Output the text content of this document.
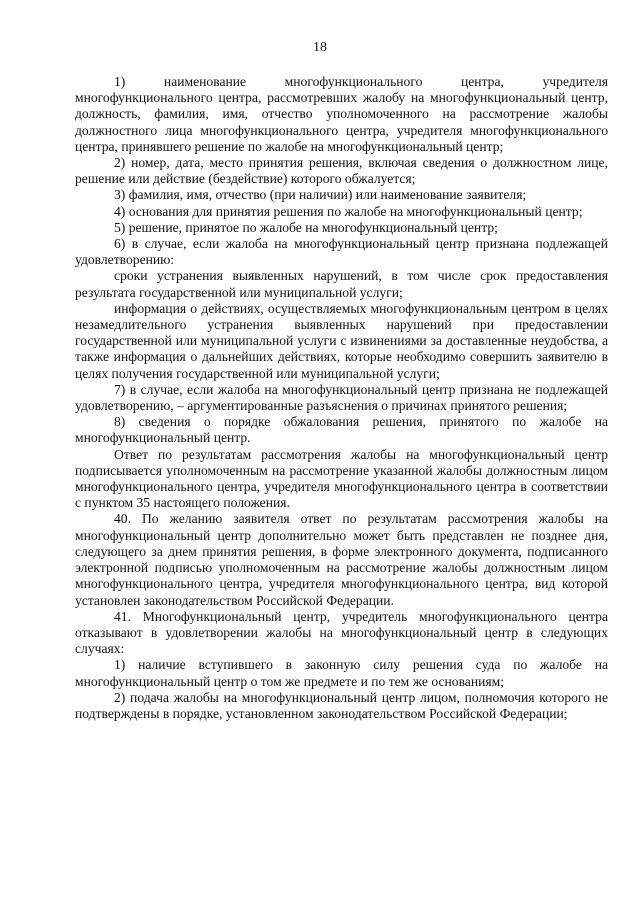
18

1) наименование многофункционального центра, учредителя многофункционального центра, рассмотревших жалобу на многофункциональный центр, должность, фамилия, имя, отчество уполномоченного на рассмотрение жалобы должностного лица многофункционального центра, учредителя многофункционального центра, принявшего решение по жалобе на многофункциональный центр;

2) номер, дата, место принятия решения, включая сведения о должностном лице, решение или действие (бездействие) которого обжалуется;

3) фамилия, имя, отчество (при наличии) или наименование заявителя;

4) основания для принятия решения по жалобе на многофункциональный центр;

5) решение, принятое по жалобе на многофункциональный центр;

6) в случае, если жалоба на многофункциональный центр признана подлежащей удовлетворению:

сроки устранения выявленных нарушений, в том числе срок предоставления результата государственной или муниципальной услуги;

информация о действиях, осуществляемых многофункциональным центром в целях незамедлительного устранения выявленных нарушений при предоставлении государственной или муниципальной услуги с извинениями за доставленные неудобства, а также информация о дальнейших действиях, которые необходимо совершить заявителю в целях получения государственной или муниципальной услуги;

7) в случае, если жалоба на многофункциональный центр признана не подлежащей удовлетворению, – аргументированные разъяснения о причинах принятого решения;

8) сведения о порядке обжалования решения, принятого по жалобе на многофункциональный центр.

Ответ по результатам рассмотрения жалобы на многофункциональный центр подписывается уполномоченным на рассмотрение указанной жалобы должностным лицом многофункционального центра, учредителя многофункционального центра в соответствии с пунктом 35 настоящего положения.

40. По желанию заявителя ответ по результатам рассмотрения жалобы на многофункциональный центр дополнительно может быть представлен не позднее дня, следующего за днем принятия решения, в форме электронного документа, подписанного электронной подписью уполномоченным на рассмотрение жалобы должностным лицом многофункционального центра, учредителя многофункционального центра, вид которой установлен законодательством Российской Федерации.

41. Многофункциональный центр, учредитель многофункционального центра отказывают в удовлетворении жалобы на многофункциональный центр в следующих случаях:

1) наличие вступившего в законную силу решения суда по жалобе на многофункциональный центр о том же предмете и по тем же основаниям;

2) подача жалобы на многофункциональный центр лицом, полномочия которого не подтверждены в порядке, установленном законодательством Российской Федерации;
